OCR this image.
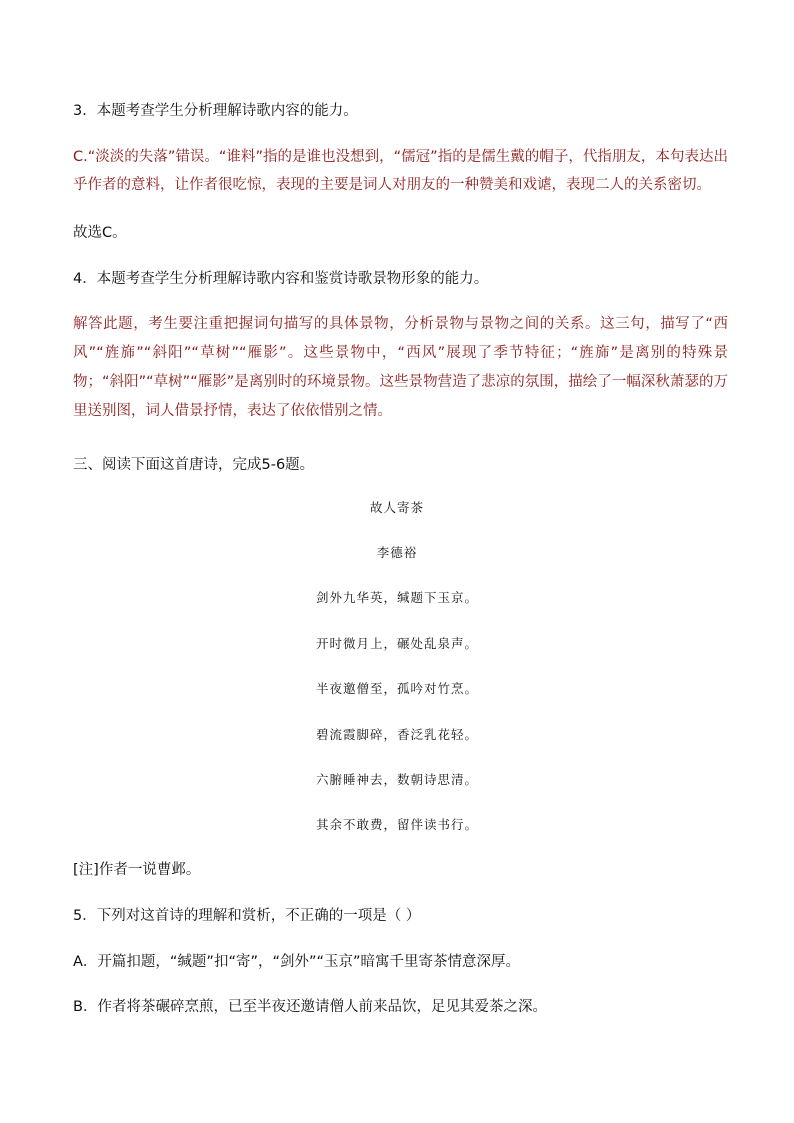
3．本题考查学生分析理解诗歌内容的能力。
C.“淡淡的失落”错误。“谁料”指的是谁也没想到，“儒冠”指的是儒生戴的帽子，代指朋友，本句表达出乎作者的意料，让作者很吃惊，表现的主要是词人对朋友的一种赞美和戏谑，表现二人的关系密切。
故选C。
4．本题考查学生分析理解诗歌内容和鉴赏诗歌景物形象的能力。
解答此题，考生要注重把握词句描写的具体景物，分析景物与景物之间的关系。这三句，描写了“西风”“旌旆”“斜阳”“草树”“雁影”。这些景物中，“西风”展现了季节特征；“旌旆”是离别的特殊景物；“斜阳”“草树”“雁影”是离别时的环境景物。这些景物营造了悲凉的氛围，描绘了一幅深秋萧瑟的万里送别图，词人借景抒情，表达了依依惜别之情。
三、阅读下面这首唐诗，完成5-6题。
故人寄茶
李德裕
剑外九华英，缄题下玉京。
开时微月上，碾处乱泉声。
半夜邀僧至，孤吟对竹烹。
碧流霞脚碎，香泛乳花轻。
六腑睡神去，数朝诗思清。
其余不敢费，留伴读书行。
[注]作者一说曹邺。
5．下列对这首诗的理解和赏析，不正确的一项是（ ）
A．开篇扣题，“缄题”扣“寄”，“剑外”“玉京”暗寓千里寄茶情意深厚。
B．作者将茶碾碎烹煎，已至半夜还邀请僧人前来品饮，足见其爱茶之深。
